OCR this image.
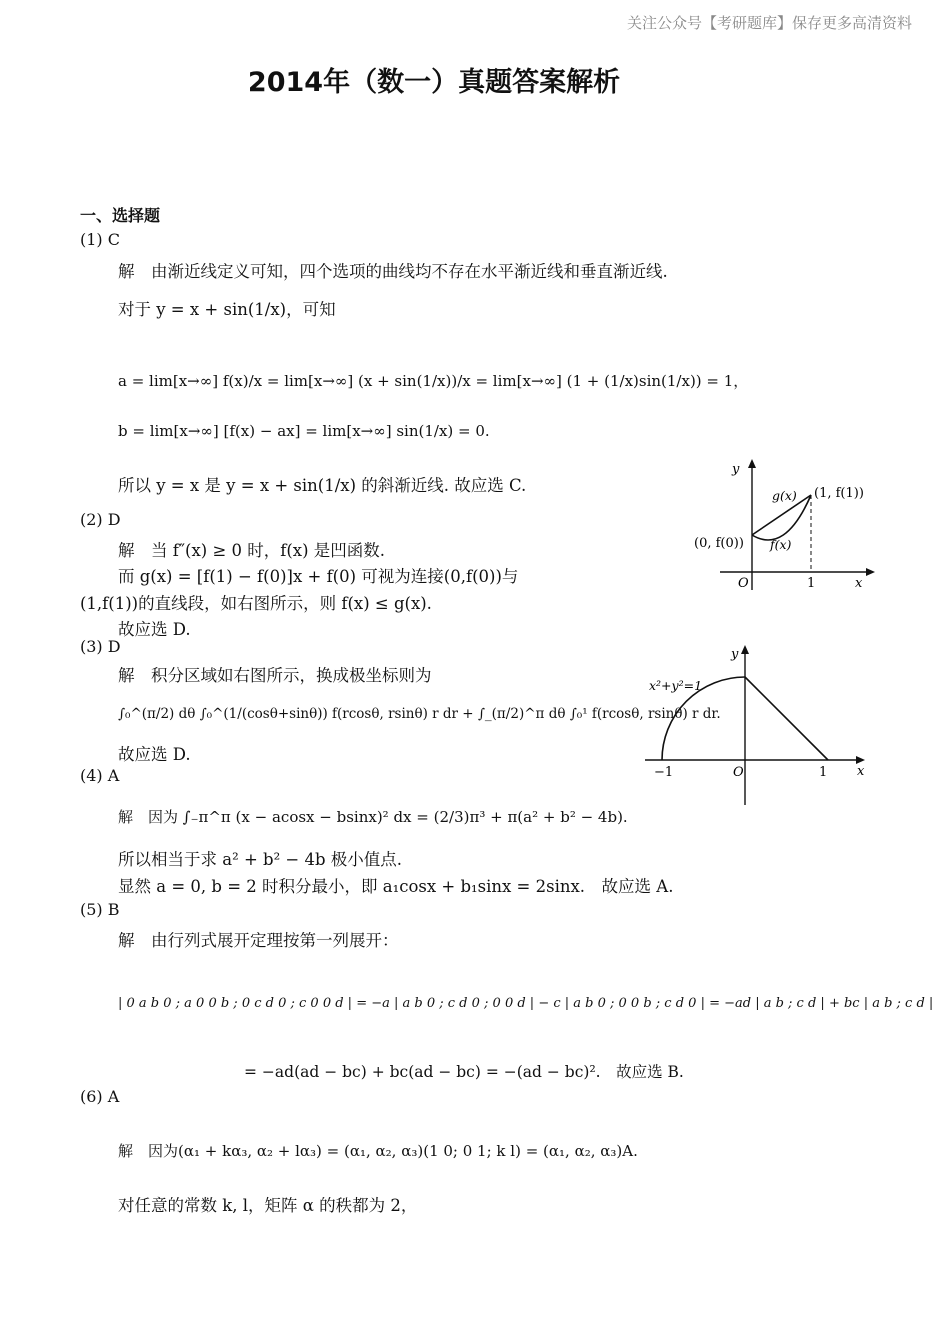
关注公众号【考研题库】保存更多高清资料
2014年（数一）真题答案解析
一、选择题
(1) C
解　由渐近线定义可知，四个选项的曲线均不存在水平渐近线和垂直渐近线.
对于 y = x + sin(1/x)，可知
a = lim[x→∞] f(x)/x = lim[x→∞] (x + sin(1/x))/x = lim[x→∞] (1 + (1/x)sin(1/x)) = 1，
b = lim[x→∞] [f(x) − ax] = lim[x→∞] sin(1/x) = 0.
所以 y = x 是 y = x + sin(1/x) 的斜渐近线. 故应选 C.
(2) D
解　当 f″(x) ≥ 0 时，f(x) 是凹函数.
而 g(x) = [f(1) − f(0)]x + f(0) 可视为连接(0,f(0))与
(1,f(1))的直线段，如右图所示，则 f(x) ≤ g(x).
故应选 D.
y
x
O	1
g(x)
f(x)
(0, f(0))
(1, f(1))
(3) D
解　积分区域如右图所示，换成极坐标则为
∫₀^(π/2) dθ ∫₀^(1/(cosθ+sinθ)) f(rcosθ, rsinθ) r dr + ∫_(π/2)^π dθ ∫₀¹ f(rcosθ, rsinθ) r dr.
故应选 D.
y
x
O
−1	1
x²+y²=1
(4) A
解　因为 ∫₋π^π (x − acosx − bsinx)² dx = (2/3)π³ + π(a² + b² − 4b).
所以相当于求 a² + b² − 4b 极小值点.
显然 a = 0, b = 2 时积分最小，即 a₁cosx + b₁sinx = 2sinx.　故应选 A.
(5) B
解　由行列式展开定理按第一列展开：
| 0 a b 0 ; a 0 0 b ; 0 c d 0 ; c 0 0 d | = −a | a b 0 ; c d 0 ; 0 0 d | − c | a b 0 ; 0 0 b ; c d 0 | = −ad | a b ; c d | + bc | a b ; c d |
= −ad(ad − bc) + bc(ad − bc) = −(ad − bc)².　故应选 B.
(6) A
解　因为(α₁ + kα₃, α₂ + lα₃) = (α₁, α₂, α₃)(1 0; 0 1; k l) = (α₁, α₂, α₃)A.
对任意的常数 k, l，矩阵 α 的秩都为 2，
